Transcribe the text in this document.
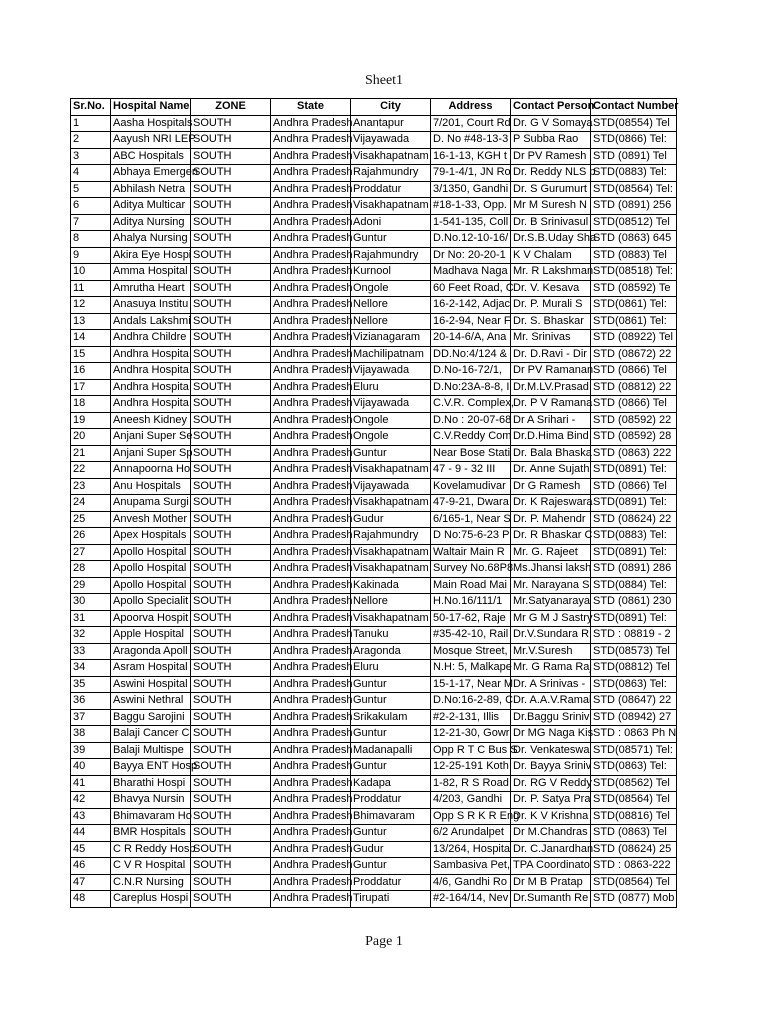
Sheet1
Sr.No.	Hospital Name	ZONE	State	City	Address	Contact Person	Contact Number
1	Aasha Hospitals	SOUTH	Andhra Pradesh	Anantapur	7/201, Court Rd	Dr. G V Somaya	STD(08554) Tel
2	Aayush NRI LEP	SOUTH	Andhra Pradesh	Vijayawada	D. No #48-13-3	P Subba Rao	STD(0866) Tel:
3	ABC Hospitals	SOUTH	Andhra Pradesh	Visakhapatnam	16-1-13, KGH t	Dr PV Ramesh	STD (0891) Tel
4	Abhaya Emergen	SOUTH	Andhra Pradesh	Rajahmundry	79-1-4/1, JN Ro	Dr. Reddy NLS p	STD(0883) Tel:
5	Abhilash Netra	SOUTH	Andhra Pradesh	Proddatur	3/1350, Gandhi	Dr. S Gurumurt	STD(08564) Tel:
6	Aditya Multicar	SOUTH	Andhra Pradesh	Visakhapatnam	#18-1-33, Opp.	Mr M Suresh N	STD (0891) 256
7	Aditya Nursing	SOUTH	Andhra Pradesh	Adoni	1-541-135, Coll	Dr. B Srinivasul	STD(08512) Tel
8	Ahalya Nursing	SOUTH	Andhra Pradesh	Guntur	D.No.12-10-16/	Dr.S.B.Uday Sha	STD (0863) 645
9	Akira Eye Hospi	SOUTH	Andhra Pradesh	Rajahmundry	Dr No: 20-20-1	K V Chalam	STD (0883) Tel
10	Amma Hospital	SOUTH	Andhra Pradesh	Kurnool	Madhava Naga	Mr. R Lakshman	STD(08518) Tel:
11	Amrutha Heart	SOUTH	Andhra Pradesh	Ongole	60 Feet Road, C	Dr. V. Kesava	STD (08592) Te
12	Anasuya Institu	SOUTH	Andhra Pradesh	Nellore	16-2-142, Adjac	Dr. P. Murali S	STD(0861) Tel:
13	Andals Lakshmi	SOUTH	Andhra Pradesh	Nellore	16-2-94, Near F	Dr. S. Bhaskar	STD(0861) Tel:
14	Andhra Childre	SOUTH	Andhra Pradesh	Vizianagaram	20-14-6/A, Ana	Mr. Srinivas	STD (08922) Tel
15	Andhra Hospita	SOUTH	Andhra Pradesh	Machilipatnam	DD.No:4/124 &	Dr. D.Ravi - Dir	STD (08672) 22
16	Andhra Hospita	SOUTH	Andhra Pradesh	Vijayawada	D.No-16-72/1,	Dr PV Ramanan	STD (0866) Tel
17	Andhra Hospita	SOUTH	Andhra Pradesh	Eluru	D.No:23A-8-8, I	Dr.M.LV.Prasad	STD (08812) 22
18	Andhra Hospita	SOUTH	Andhra Pradesh	Vijayawada	C.V.R. Complex,	Dr. P V Ramana	STD (0866) Tel
19	Aneesh Kidney	SOUTH	Andhra Pradesh	Ongole	D.No : 20-07-68	Dr A Srihari -	STD (08592) 22
20	Anjani Super Se	SOUTH	Andhra Pradesh	Ongole	C.V.Reddy Com	Dr.D.Hima Bind	STD (08592) 28
21	Anjani Super Sp	SOUTH	Andhra Pradesh	Guntur	Near Bose Stati	Dr. Bala Bhaska	STD (0863) 222
22	Annapoorna Ho	SOUTH	Andhra Pradesh	Visakhapatnam	47 - 9 - 32 III	Dr. Anne Sujath	STD(0891) Tel:
23	Anu Hospitals	SOUTH	Andhra Pradesh	Vijayawada	Kovelamudivar	Dr G Ramesh	STD (0866) Tel
24	Anupama Surgi	SOUTH	Andhra Pradesh	Visakhapatnam	47-9-21, Dwara	Dr. K Rajeswara	STD(0891) Tel:
25	Anvesh Mother	SOUTH	Andhra Pradesh	Gudur	6/165-1, Near S	Dr. P. Mahendr	STD (08624) 22
26	Apex Hospitals	SOUTH	Andhra Pradesh	Rajahmundry	D No:75-6-23 P	Dr. R Bhaskar C	STD(0883) Tel:
27	Apollo Hospital	SOUTH	Andhra Pradesh	Visakhapatnam	Waltair Main R	Mr. G. Rajeet	STD(0891) Tel:
28	Apollo Hospital	SOUTH	Andhra Pradesh	Visakhapatnam	Survey No.68P8	Ms.Jhansi laksh	STD (0891) 286
29	Apollo Hospital	SOUTH	Andhra Pradesh	Kakinada	Main Road Mai	Mr. Narayana S	STD(0884) Tel:
30	Apollo Specialit	SOUTH	Andhra Pradesh	Nellore	H.No.16/111/1	Mr.Satyanaraya	STD (0861) 230
31	Apoorva Hospit	SOUTH	Andhra Pradesh	Visakhapatnam	50-17-62, Raje	Mr G M J Sastry	STD(0891) Tel:
32	Apple Hospital	SOUTH	Andhra Pradesh	Tanuku	#35-42-10, Rail	Dr.V.Sundara R	STD : 08819 - 2
33	Aragonda Apoll	SOUTH	Andhra Pradesh	Aragonda	Mosque Street,	Mr.V.Suresh	STD(08573) Tel
34	Asram Hospital	SOUTH	Andhra Pradesh	Eluru	N.H: 5, Malkape	Mr. G Rama Raj	STD(08812) Tel
35	Aswini Hospital	SOUTH	Andhra Pradesh	Guntur	15-1-17, Near M	Dr. A Srinivas -	STD(0863) Tel:
36	Aswini Nethral	SOUTH	Andhra Pradesh	Guntur	D.No:16-2-89, C	Dr. A.A.V.Ramal	STD (08647) 22
37	Baggu Sarojini	SOUTH	Andhra Pradesh	Srikakulam	#2-2-131, Illis	Dr.Baggu Sriniv	STD (08942) 27
38	Balaji Cancer C	SOUTH	Andhra Pradesh	Guntur	12-21-30, Gowr	Dr MG Naga Kis	STD : 0863 Ph N
39	Balaji Multispe	SOUTH	Andhra Pradesh	Madanapalli	Opp R T C Bus S	Dr. Venkateswa	STD(08571) Tel:
40	Bayya ENT Hosp	SOUTH	Andhra Pradesh	Guntur	12-25-191 Koth	Dr. Bayya Sriniv	STD(0863) Tel:
41	Bharathi Hospi	SOUTH	Andhra Pradesh	Kadapa	1-82, R S Road	Dr. RG V Reddy	STD(08562) Tel
42	Bhavya Nursin	SOUTH	Andhra Pradesh	Proddatur	4/203, Gandhi	Dr. P. Satya Pra	STD(08564) Tel
43	Bhimavaram Ho	SOUTH	Andhra Pradesh	Bhimavaram	Opp S R K R Eng	Dr. K V Krishna	STD(08816) Tel
44	BMR Hospitals	SOUTH	Andhra Pradesh	Guntur	6/2 Arundalpet	Dr M.Chandras	STD (0863) Tel
45	C R Reddy Hosp	SOUTH	Andhra Pradesh	Gudur	13/264, Hospita	Dr. C.Janardhan	STD (08624) 25
46	C V R Hospital	SOUTH	Andhra Pradesh	Guntur	Sambasiva Pet,	TPA Coordinato	STD : 0863-222
47	C.N.R Nursing	SOUTH	Andhra Pradesh	Proddatur	4/6, Gandhi Ro	Dr M B Pratap	STD(08564) Tel
48	Careplus Hospi	SOUTH	Andhra Pradesh	Tirupati	#2-164/14, Nev	Dr.Sumanth Re	STD (0877) Mob
Page 1
